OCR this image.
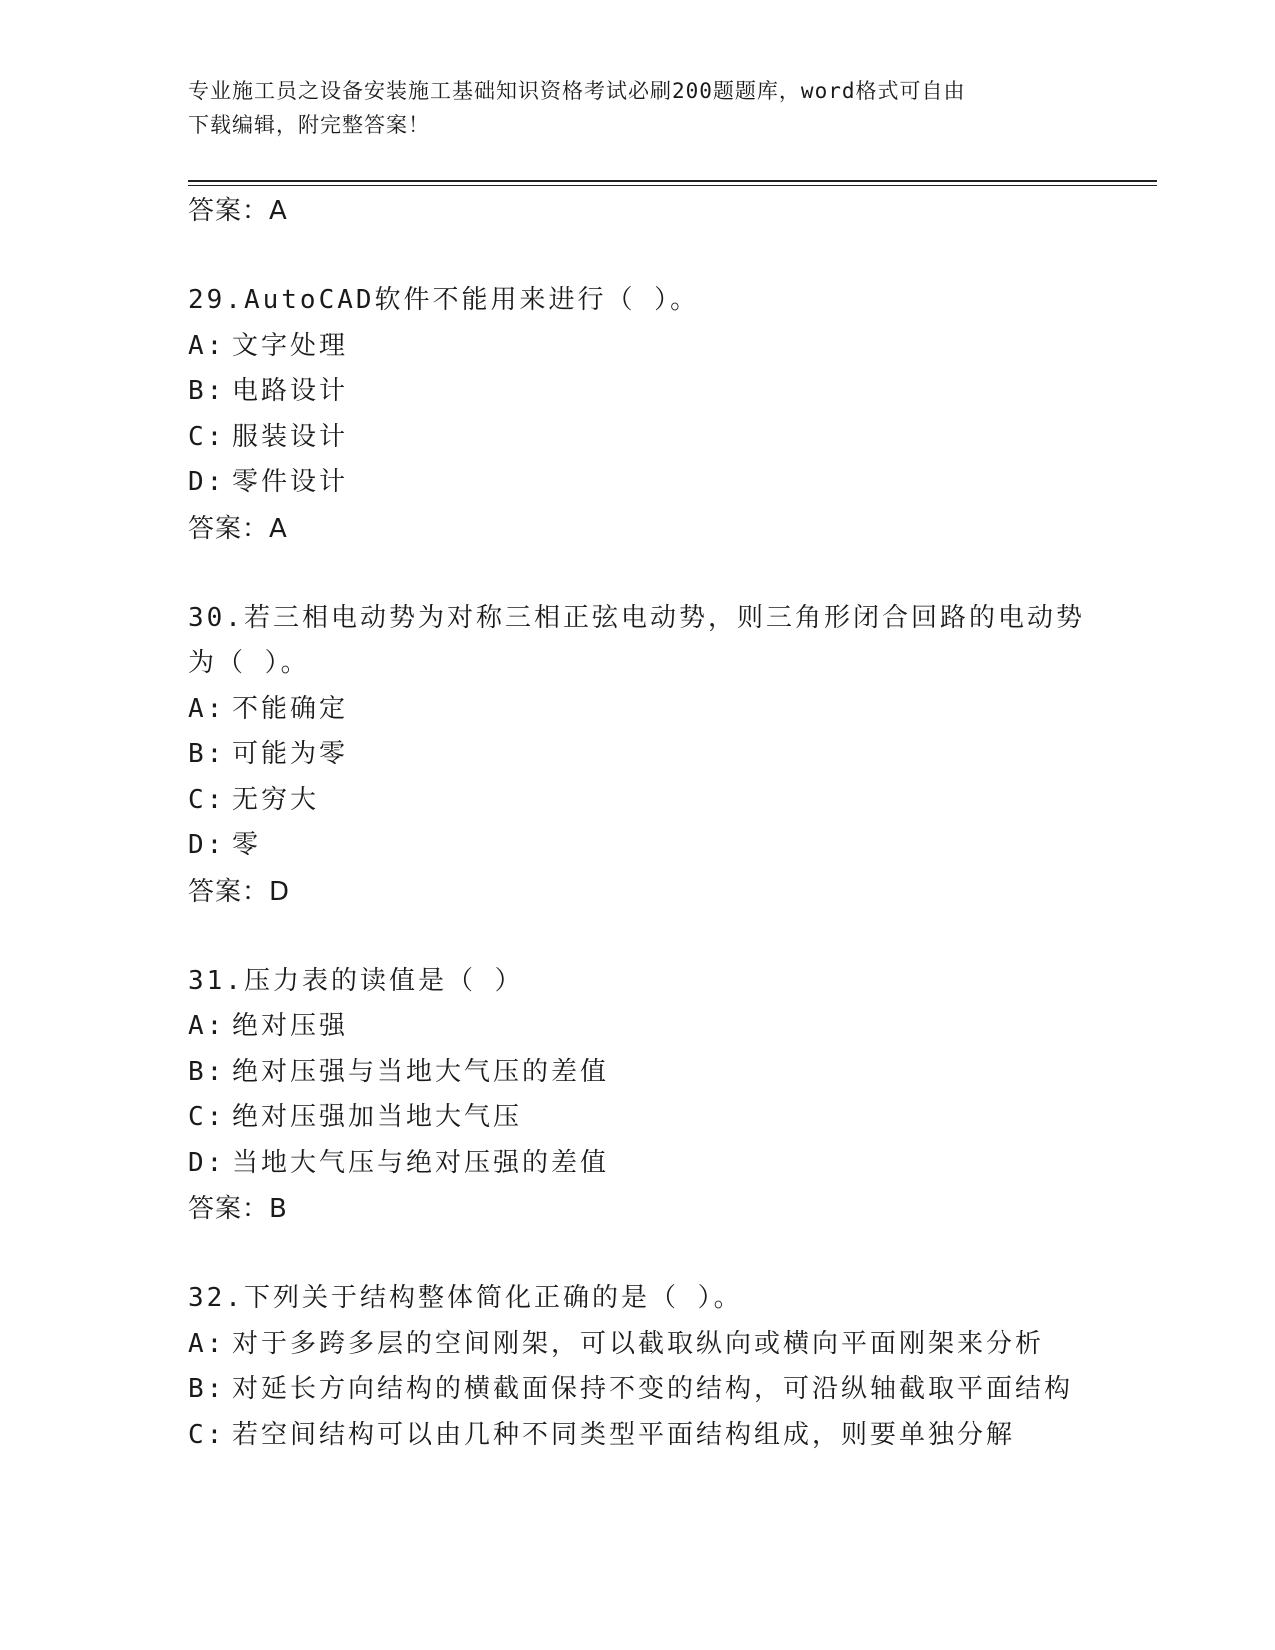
专业施工员之设备安装施工基础知识资格考试必刷200题题库，word格式可自由
下载编辑，附完整答案！
答案：A
29.AutoCAD软件不能用来进行（ ）。
A: 文字处理
B: 电路设计
C: 服装设计
D: 零件设计
答案：A
30.若三相电动势为对称三相正弦电动势，则三角形闭合回路的电动势
为（ ）。
A: 不能确定
B: 可能为零
C: 无穷大
D: 零
答案：D
31.压力表的读值是（ ）
A: 绝对压强
B: 绝对压强与当地大气压的差值
C: 绝对压强加当地大气压
D: 当地大气压与绝对压强的差值
答案：B
32.下列关于结构整体简化正确的是（ ）。
A: 对于多跨多层的空间刚架，可以截取纵向或横向平面刚架来分析
B: 对延长方向结构的横截面保持不变的结构，可沿纵轴截取平面结构
C: 若空间结构可以由几种不同类型平面结构组成，则要单独分解
